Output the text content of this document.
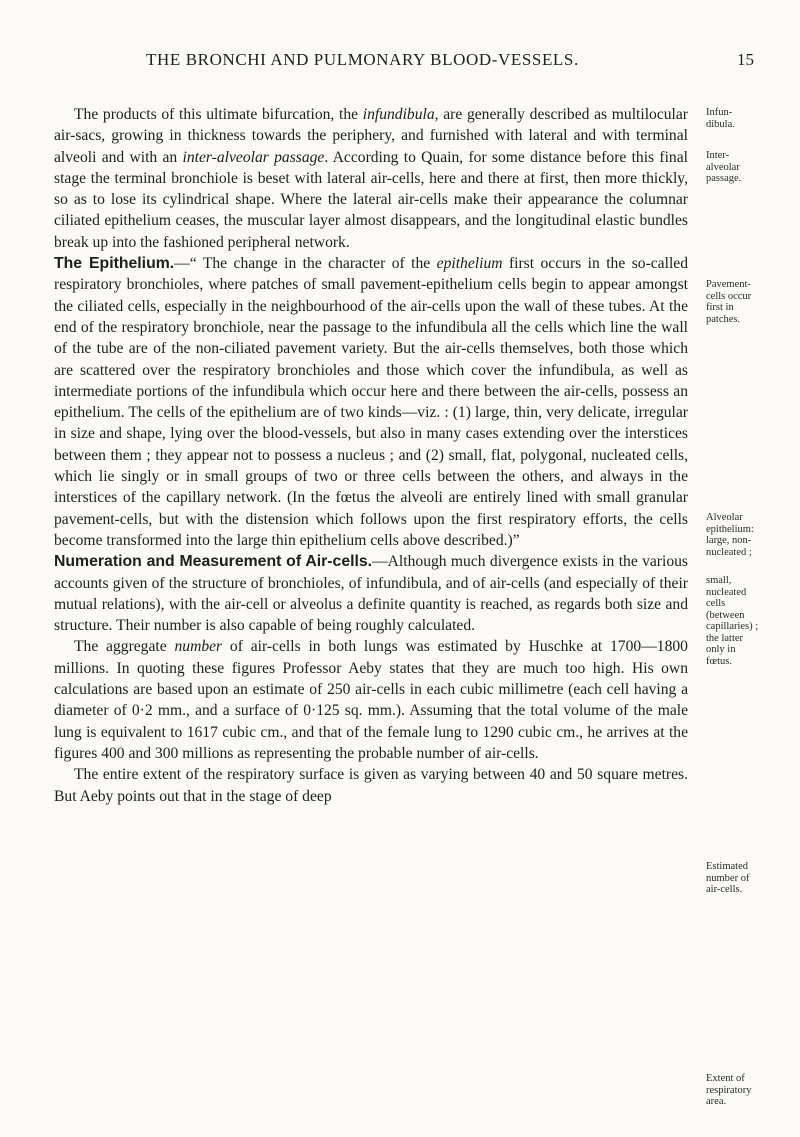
THE BRONCHI AND PULMONARY BLOOD-VESSELS.	15

The products of this ultimate bifurcation, the infundibula, are generally described as multilocular air-sacs, growing in thickness towards the periphery, and furnished with lateral and with terminal alveoli and with an inter-alveolar passage. According to Quain, for some distance before this final stage the terminal bronchiole is beset with lateral air-cells, here and there at first, then more thickly, so as to lose its cylindrical shape. Where the lateral air-cells make their appearance the columnar ciliated epithelium ceases, the muscular layer almost disappears, and the longitudinal elastic bundles break up into the fashioned peripheral network.

The Epithelium.—“ The change in the character of the epithelium first occurs in the so-called respiratory bronchioles, where patches of small pavement-epithelium cells begin to appear amongst the ciliated cells, especially in the neighbourhood of the air-cells upon the wall of these tubes. At the end of the respiratory bronchiole, near the passage to the infundibula all the cells which line the wall of the tube are of the non-ciliated pavement variety. But the air-cells themselves, both those which are scattered over the respiratory bronchioles and those which cover the infundibula, as well as intermediate portions of the infundibula which occur here and there between the air-cells, possess an epithelium. The cells of the epithelium are of two kinds—viz. : (1) large, thin, very delicate, irregular in size and shape, lying over the blood-vessels, but also in many cases extending over the interstices between them ; they appear not to possess a nucleus ; and (2) small, flat, polygonal, nucleated cells, which lie singly or in small groups of two or three cells between the others, and always in the interstices of the capillary network. (In the fœtus the alveoli are entirely lined with small granular pavement-cells, but with the distension which follows upon the first respiratory efforts, the cells become transformed into the large thin epithelium cells above described.)”

Numeration and Measurement of Air-cells.—Although much divergence exists in the various accounts given of the structure of bronchioles, of infundibula, and of air-cells (and especially of their mutual relations), with the air-cell or alveolus a definite quantity is reached, as regards both size and structure. Their number is also capable of being roughly calculated.

The aggregate number of air-cells in both lungs was estimated by Huschke at 1700—1800 millions. In quoting these figures Professor Aeby states that they are much too high. His own calculations are based upon an estimate of 250 air-cells in each cubic millimetre (each cell having a diameter of 0·2 mm., and a surface of 0·125 sq. mm.). Assuming that the total volume of the male lung is equivalent to 1617 cubic cm., and that of the female lung to 1290 cubic cm., he arrives at the figures 400 and 300 millions as representing the probable number of air-cells.

The entire extent of the respiratory surface is given as varying between 40 and 50 square metres. But Aeby points out that in the stage of deep

Infun-
dibula.
Inter-
alveolar
passage.
Pavement-
cells occur
first in
patches.
Alveolar
epithelium:
large, non-
nucleated ;
small,
nucleated
cells
(between
capillaries) ;
the latter
only in
fœtus.
Estimated
number of
air-cells.
Extent of
respiratory
area.
